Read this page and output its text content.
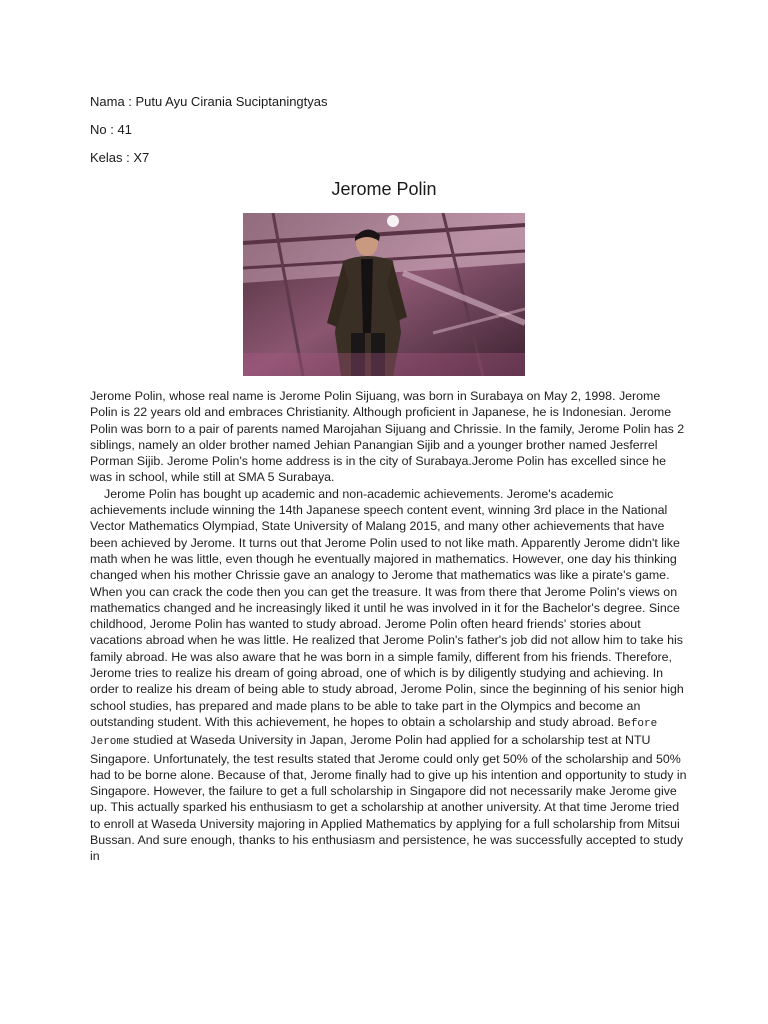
Nama : Putu Ayu Cirania Suciptaningtyas
No : 41
Kelas : X7
Jerome Polin

Jerome Polin, whose real name is Jerome Polin Sijuang, was born in Surabaya on May 2, 1998. Jerome Polin is 22 years old and embraces Christianity. Although proficient in Japanese, he is Indonesian. Jerome Polin was born to a pair of parents named Marojahan Sijuang and Chrissie. In the family, Jerome Polin has 2 siblings, namely an older brother named Jehian Panangian Sijib and a younger brother named Jesferrel Porman Sijib. Jerome Polin's home address is in the city of Surabaya.Jerome Polin has excelled since he was in school, while still at SMA 5 Surabaya.

Jerome Polin has bought up academic and non-academic achievements. Jerome's academic achievements include winning the 14th Japanese speech content event, winning 3rd place in the National Vector Mathematics Olympiad, State University of Malang 2015, and many other achievements that have been achieved by Jerome. It turns out that Jerome Polin used to not like math. Apparently Jerome didn't like math when he was little, even though he eventually majored in mathematics. However, one day his thinking changed when his mother Chrissie gave an analogy to Jerome that mathematics was like a pirate's game. When you can crack the code then you can get the treasure. It was from there that Jerome Polin's views on mathematics changed and he increasingly liked it until he was involved in it for the Bachelor's degree. Since childhood, Jerome Polin has wanted to study abroad. Jerome Polin often heard friends' stories about vacations abroad when he was little. He realized that Jerome Polin's father's job did not allow him to take his family abroad. He was also aware that he was born in a simple family, different from his friends. Therefore, Jerome tries to realize his dream of going abroad, one of which is by diligently studying and achieving. In order to realize his dream of being able to study abroad, Jerome Polin, since the beginning of his senior high school studies, has prepared and made plans to be able to take part in the Olympics and become an outstanding student. With this achievement, he hopes to obtain a scholarship and study abroad. Before Jerome studied at Waseda University in Japan, Jerome Polin had applied for a scholarship test at NTU Singapore. Unfortunately, the test results stated that Jerome could only get 50% of the scholarship and 50% had to be borne alone. Because of that, Jerome finally had to give up his intention and opportunity to study in Singapore. However, the failure to get a full scholarship in Singapore did not necessarily make Jerome give up. This actually sparked his enthusiasm to get a scholarship at another university. At that time Jerome tried to enroll at Waseda University majoring in Applied Mathematics by applying for a full scholarship from Mitsui Bussan. And sure enough, thanks to his enthusiasm and persistence, he was successfully accepted to study in
